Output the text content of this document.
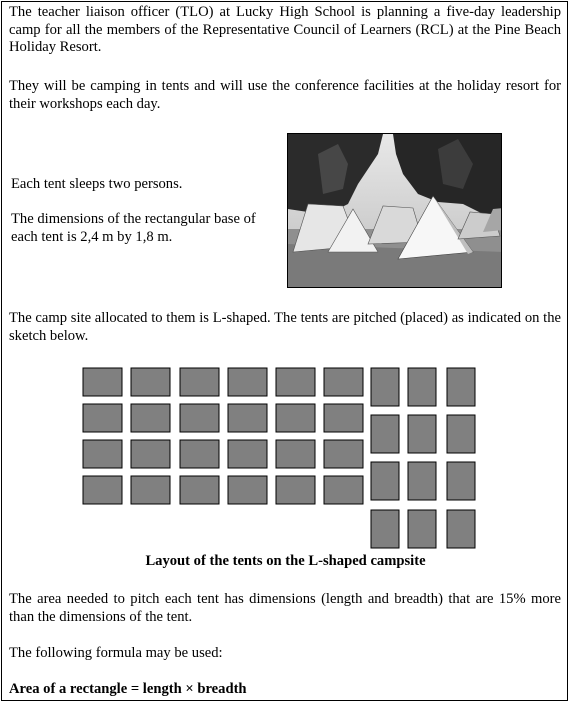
The teacher liaison officer (TLO) at Lucky High School is planning a five-day leadership camp for all the members of the Representative Council of Learners (RCL) at the Pine Beach Holiday Resort.

They will be camping in tents and will use the conference facilities at the holiday resort for their workshops each day.

Each tent sleeps two persons.

The dimensions of the rectangular base of each tent is 2,4 m by 1,8 m.

The camp site allocated to them is L-shaped. The tents are pitched (placed) as indicated on the sketch below.

Layout of the tents on the L-shaped campsite

The area needed to pitch each tent has dimensions (length and breadth) that are 15% more than the dimensions of the tent.

The following formula may be used:

Area of a rectangle = length × breadth
